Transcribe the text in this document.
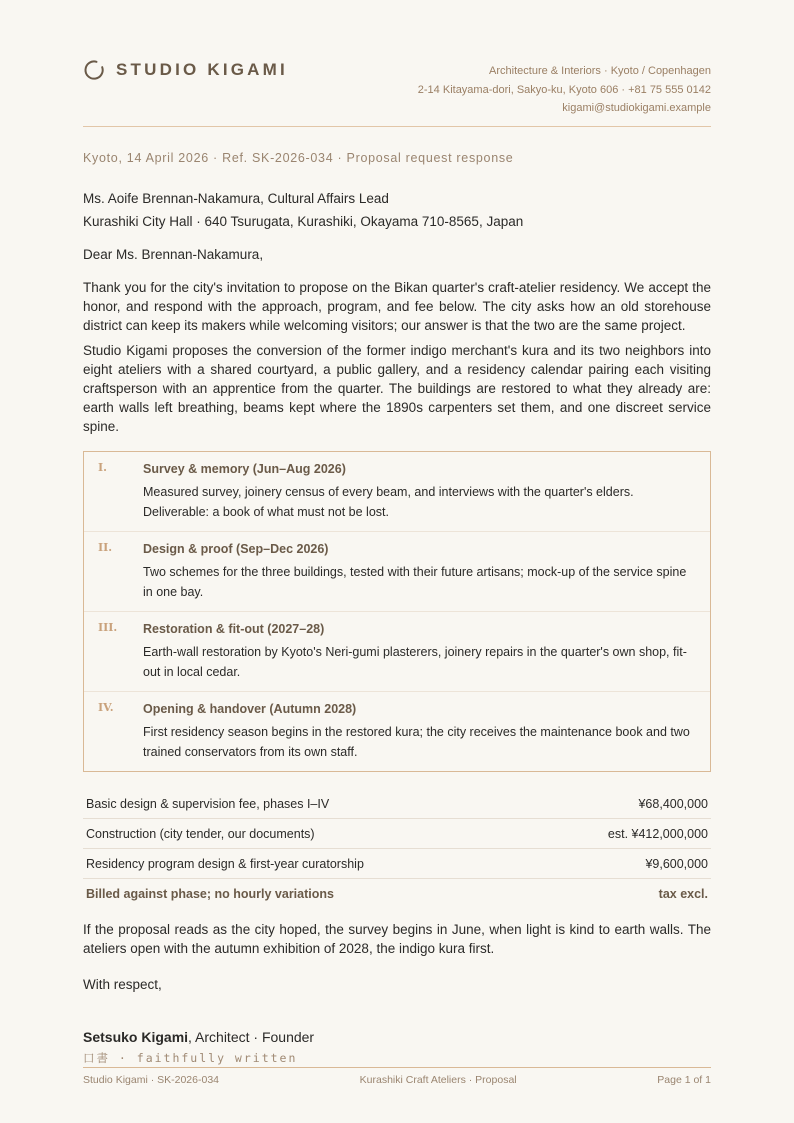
STUDIO KIGAMI	Architecture & Interiors · Kyoto / Copenhagen
2-14 Kitayama-dori, Sakyo-ku, Kyoto 606 · +81 75 555 0142
kigami@studiokigami.example
Kyoto, 14 April 2026 · Ref. SK-2026-034 · Proposal request response
Ms. Aoife Brennan-Nakamura, Cultural Affairs Lead
Kurashiki City Hall · 640 Tsurugata, Kurashiki, Okayama 710-8565, Japan
Dear Ms. Brennan-Nakamura,
Thank you for the city's invitation to propose on the Bikan quarter's craft-atelier residency. We accept the honor, and respond with the approach, program, and fee below. The city asks how an old storehouse district can keep its makers while welcoming visitors; our answer is that the two are the same project.
Studio Kigami proposes the conversion of the former indigo merchant's kura and its two neighbors into eight ateliers with a shared courtyard, a public gallery, and a residency calendar pairing each visiting craftsperson with an apprentice from the quarter. The buildings are restored to what they already are: earth walls left breathing, beams kept where the 1890s carpenters set them, and one discreet service spine.
I.	Survey & memory (Jun–Aug 2026)
Measured survey, joinery census of every beam, and interviews with the quarter's elders. Deliverable: a book of what must not be lost.
II. Design & proof (Sep–Dec 2026)
Two schemes for the three buildings, tested with their future artisans; mock-up of the service spine in one bay.
III. Restoration & fit-out (2027–28)
Earth-wall restoration by Kyoto's Neri-gumi plasterers, joinery repairs in the quarter's own shop, fit-out in local cedar.
IV. Opening & handover (Autumn 2028)
First residency season begins in the restored kura; the city receives the maintenance book and two trained conservators from its own staff.
Basic design & supervision fee, phases I–IV	¥68,400,000
Construction (city tender, our documents)	est. ¥412,000,000
Residency program design & first-year curatorship	¥9,600,000
Billed against phase; no hourly variations	tax excl.
If the proposal reads as the city hoped, the survey begins in June, when light is kind to earth walls. The ateliers open with the autumn exhibition of 2028, the indigo kura first.
With respect,
Setsuko Kigami, Architect · Founder
口書 · faithfully written
Studio Kigami · SK-2026-034	Kurashiki Craft Ateliers · Proposal	Page 1 of 1
